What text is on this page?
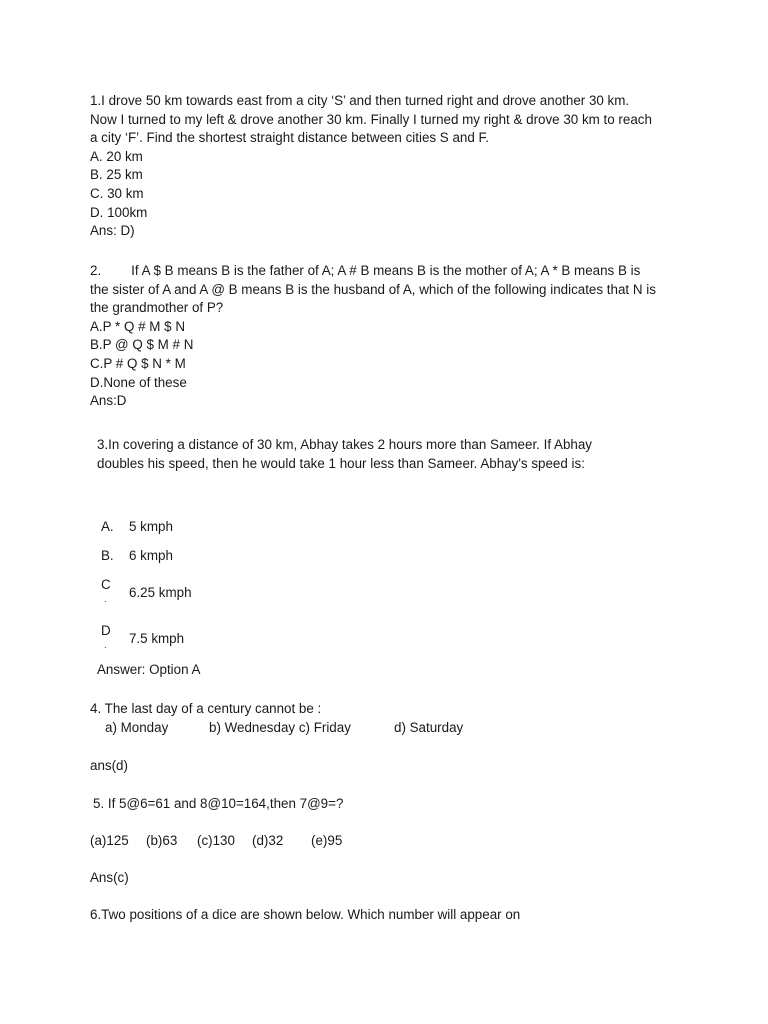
1.I drove 50 km towards east from a city ‘S’ and then turned right and drove another 30 km.
Now I turned to my left & drove another 30 km. Finally I turned my right & drove 30 km to reach
a city ‘F’. Find the shortest straight distance between cities S and F.
A. 20 km
B. 25 km
C. 30 km
D. 100km
Ans: D)
2. If A $ B means B is the father of A; A # B means B is the mother of A; A * B means B is
the sister of A and A @ B means B is the husband of A, which of the following indicates that N is
the grandmother of P?
A.P * Q # M $ N
B.P @ Q $ M # N
C.P # Q $ N * M
D.None of these
Ans:D
3.In covering a distance of 30 km, Abhay takes 2 hours more than Sameer. If Abhay
doubles his speed, then he would take 1 hour less than Sameer. Abhay's speed is:
A. 5 kmph
B. 6 kmph
C
. 6.25 kmph
D
. 7.5 kmph
Answer: Option A
4. The last day of a century cannot be :
a) Monday	b) Wednesday c) Friday	d) Saturday
ans(d)
5. If 5@6=61 and 8@10=164,then 7@9=?
(a)125 (b)63 (c)130 (d)32 (e)95
Ans(c)
6.Two positions of a dice are shown below. Which number will appear on
